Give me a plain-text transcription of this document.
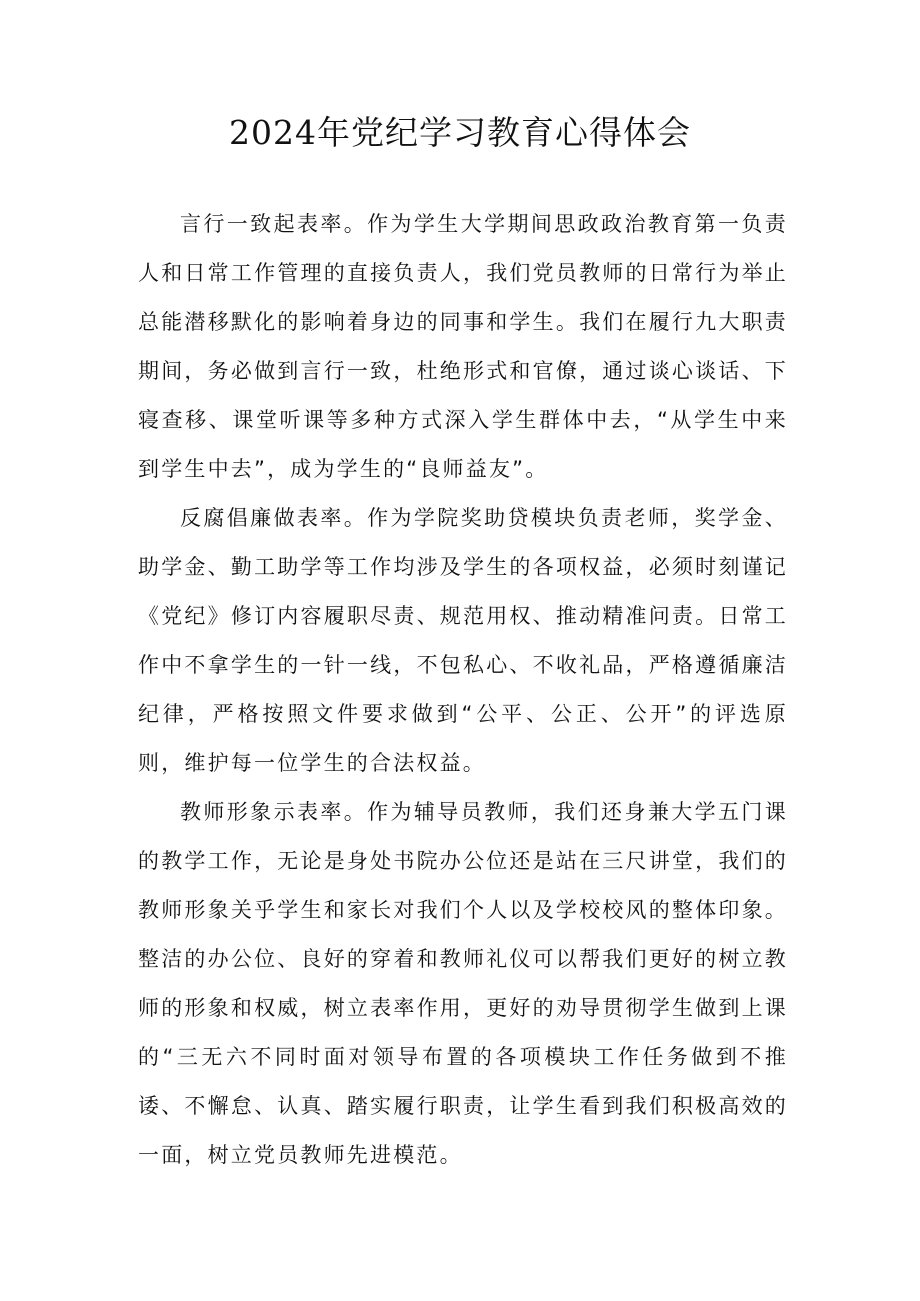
2024年党纪学习教育心得体会

言行一致起表率。作为学生大学期间思政政治教育第一负责人和日常工作管理的直接负责人，我们党员教师的日常行为举止总能潜移默化的影响着身边的同事和学生。我们在履行九大职责期间，务必做到言行一致，杜绝形式和官僚，通过谈心谈话、下寝查移、课堂听课等多种方式深入学生群体中去，“从学生中来到学生中去”，成为学生的“良师益友”。

反腐倡廉做表率。作为学院奖助贷模块负责老师，奖学金、助学金、勤工助学等工作均涉及学生的各项权益，必须时刻谨记《党纪》修订内容履职尽责、规范用权、推动精准问责。日常工作中不拿学生的一针一线，不包私心、不收礼品，严格遵循廉洁纪律，严格按照文件要求做到“公平、公正、公开”的评选原则，维护每一位学生的合法权益。

教师形象示表率。作为辅导员教师，我们还身兼大学五门课的教学工作，无论是身处书院办公位还是站在三尺讲堂，我们的教师形象关乎学生和家长对我们个人以及学校校风的整体印象。整洁的办公位、良好的穿着和教师礼仪可以帮我们更好的树立教师的形象和权威，树立表率作用，更好的劝导贯彻学生做到上课的“三无六不同时面对领导布置的各项模块工作任务做到不推诿、不懈怠、认真、踏实履行职责，让学生看到我们积极高效的一面，树立党员教师先进模范。
